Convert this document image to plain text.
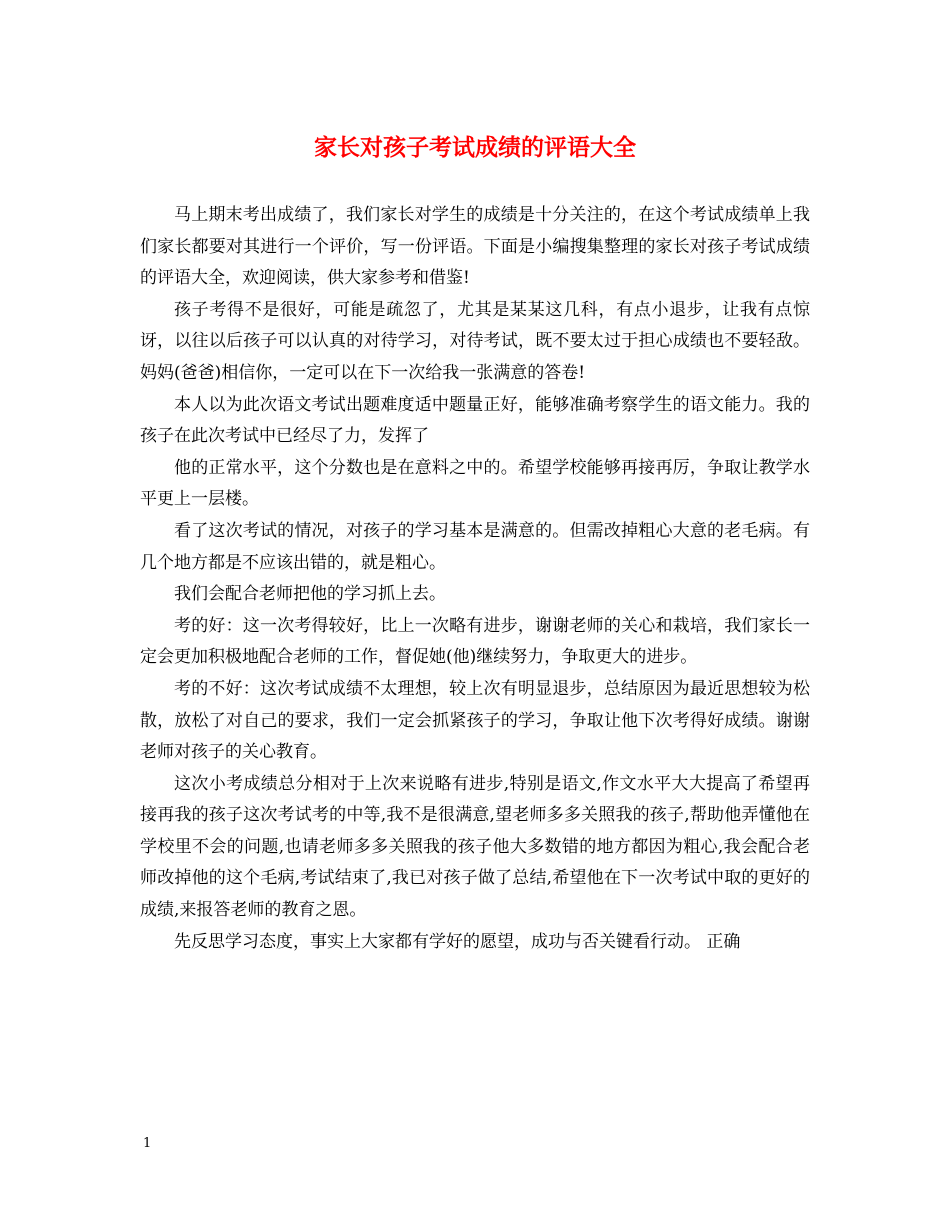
家长对孩子考试成绩的评语大全

马上期末考出成绩了，我们家长对学生的成绩是十分关注的，在这个考试成绩单上我们家长都要对其进行一个评价，写一份评语。下面是小编搜集整理的家长对孩子考试成绩的评语大全，欢迎阅读，供大家参考和借鉴!

孩子考得不是很好，可能是疏忽了，尤其是某某这几科，有点小退步，让我有点惊讶，以往以后孩子可以认真的对待学习，对待考试，既不要太过于担心成绩也不要轻敌。妈妈(爸爸)相信你，一定可以在下一次给我一张满意的答卷!

本人以为此次语文考试出题难度适中题量正好，能够准确考察学生的语文能力。我的孩子在此次考试中已经尽了力，发挥了

他的正常水平，这个分数也是在意料之中的。希望学校能够再接再厉，争取让教学水平更上一层楼。

看了这次考试的情况，对孩子的学习基本是满意的。但需改掉粗心大意的老毛病。有几个地方都是不应该出错的，就是粗心。

我们会配合老师把他的学习抓上去。

考的好：这一次考得较好，比上一次略有进步，谢谢老师的关心和栽培，我们家长一定会更加积极地配合老师的工作，督促她(他)继续努力，争取更大的进步。

考的不好：这次考试成绩不太理想，较上次有明显退步，总结原因为最近思想较为松散，放松了对自己的要求，我们一定会抓紧孩子的学习，争取让他下次考得好成绩。谢谢老师对孩子的关心教育。

这次小考成绩总分相对于上次来说略有进步,特别是语文,作文水平大大提高了希望再接再我的孩子这次考试考的中等,我不是很满意,望老师多多关照我的孩子,帮助他弄懂他在学校里不会的问题,也请老师多多关照我的孩子他大多数错的地方都因为粗心,我会配合老师改掉他的这个毛病,考试结束了,我已对孩子做了总结,希望他在下一次考试中取的更好的成绩,来报答老师的教育之恩。

先反思学习态度，事实上大家都有学好的愿望，成功与否关键看行动。 正确

1
